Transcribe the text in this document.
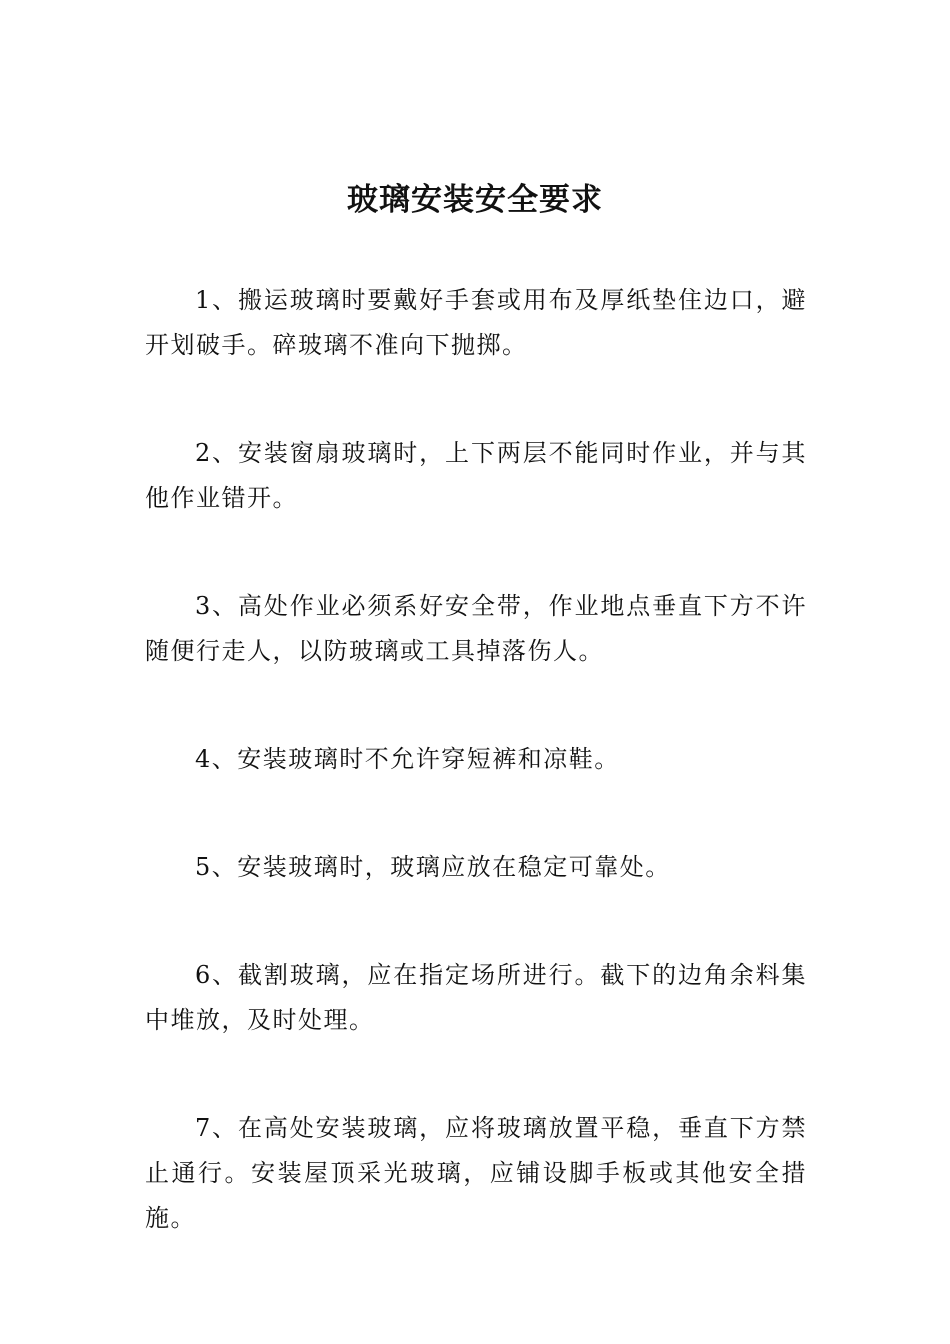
玻璃安装安全要求

1、搬运玻璃时要戴好手套或用布及厚纸垫住边口，避开划破手。碎玻璃不准向下抛掷。

2、安装窗扇玻璃时，上下两层不能同时作业，并与其他作业错开。

3、高处作业必须系好安全带，作业地点垂直下方不许随便行走人，以防玻璃或工具掉落伤人。

4、安装玻璃时不允许穿短裤和凉鞋。

5、安装玻璃时，玻璃应放在稳定可靠处。

6、截割玻璃，应在指定场所进行。截下的边角余料集中堆放，及时处理。

7、在高处安装玻璃，应将玻璃放置平稳，垂直下方禁止通行。安装屋顶采光玻璃，应铺设脚手板或其他安全措施。
